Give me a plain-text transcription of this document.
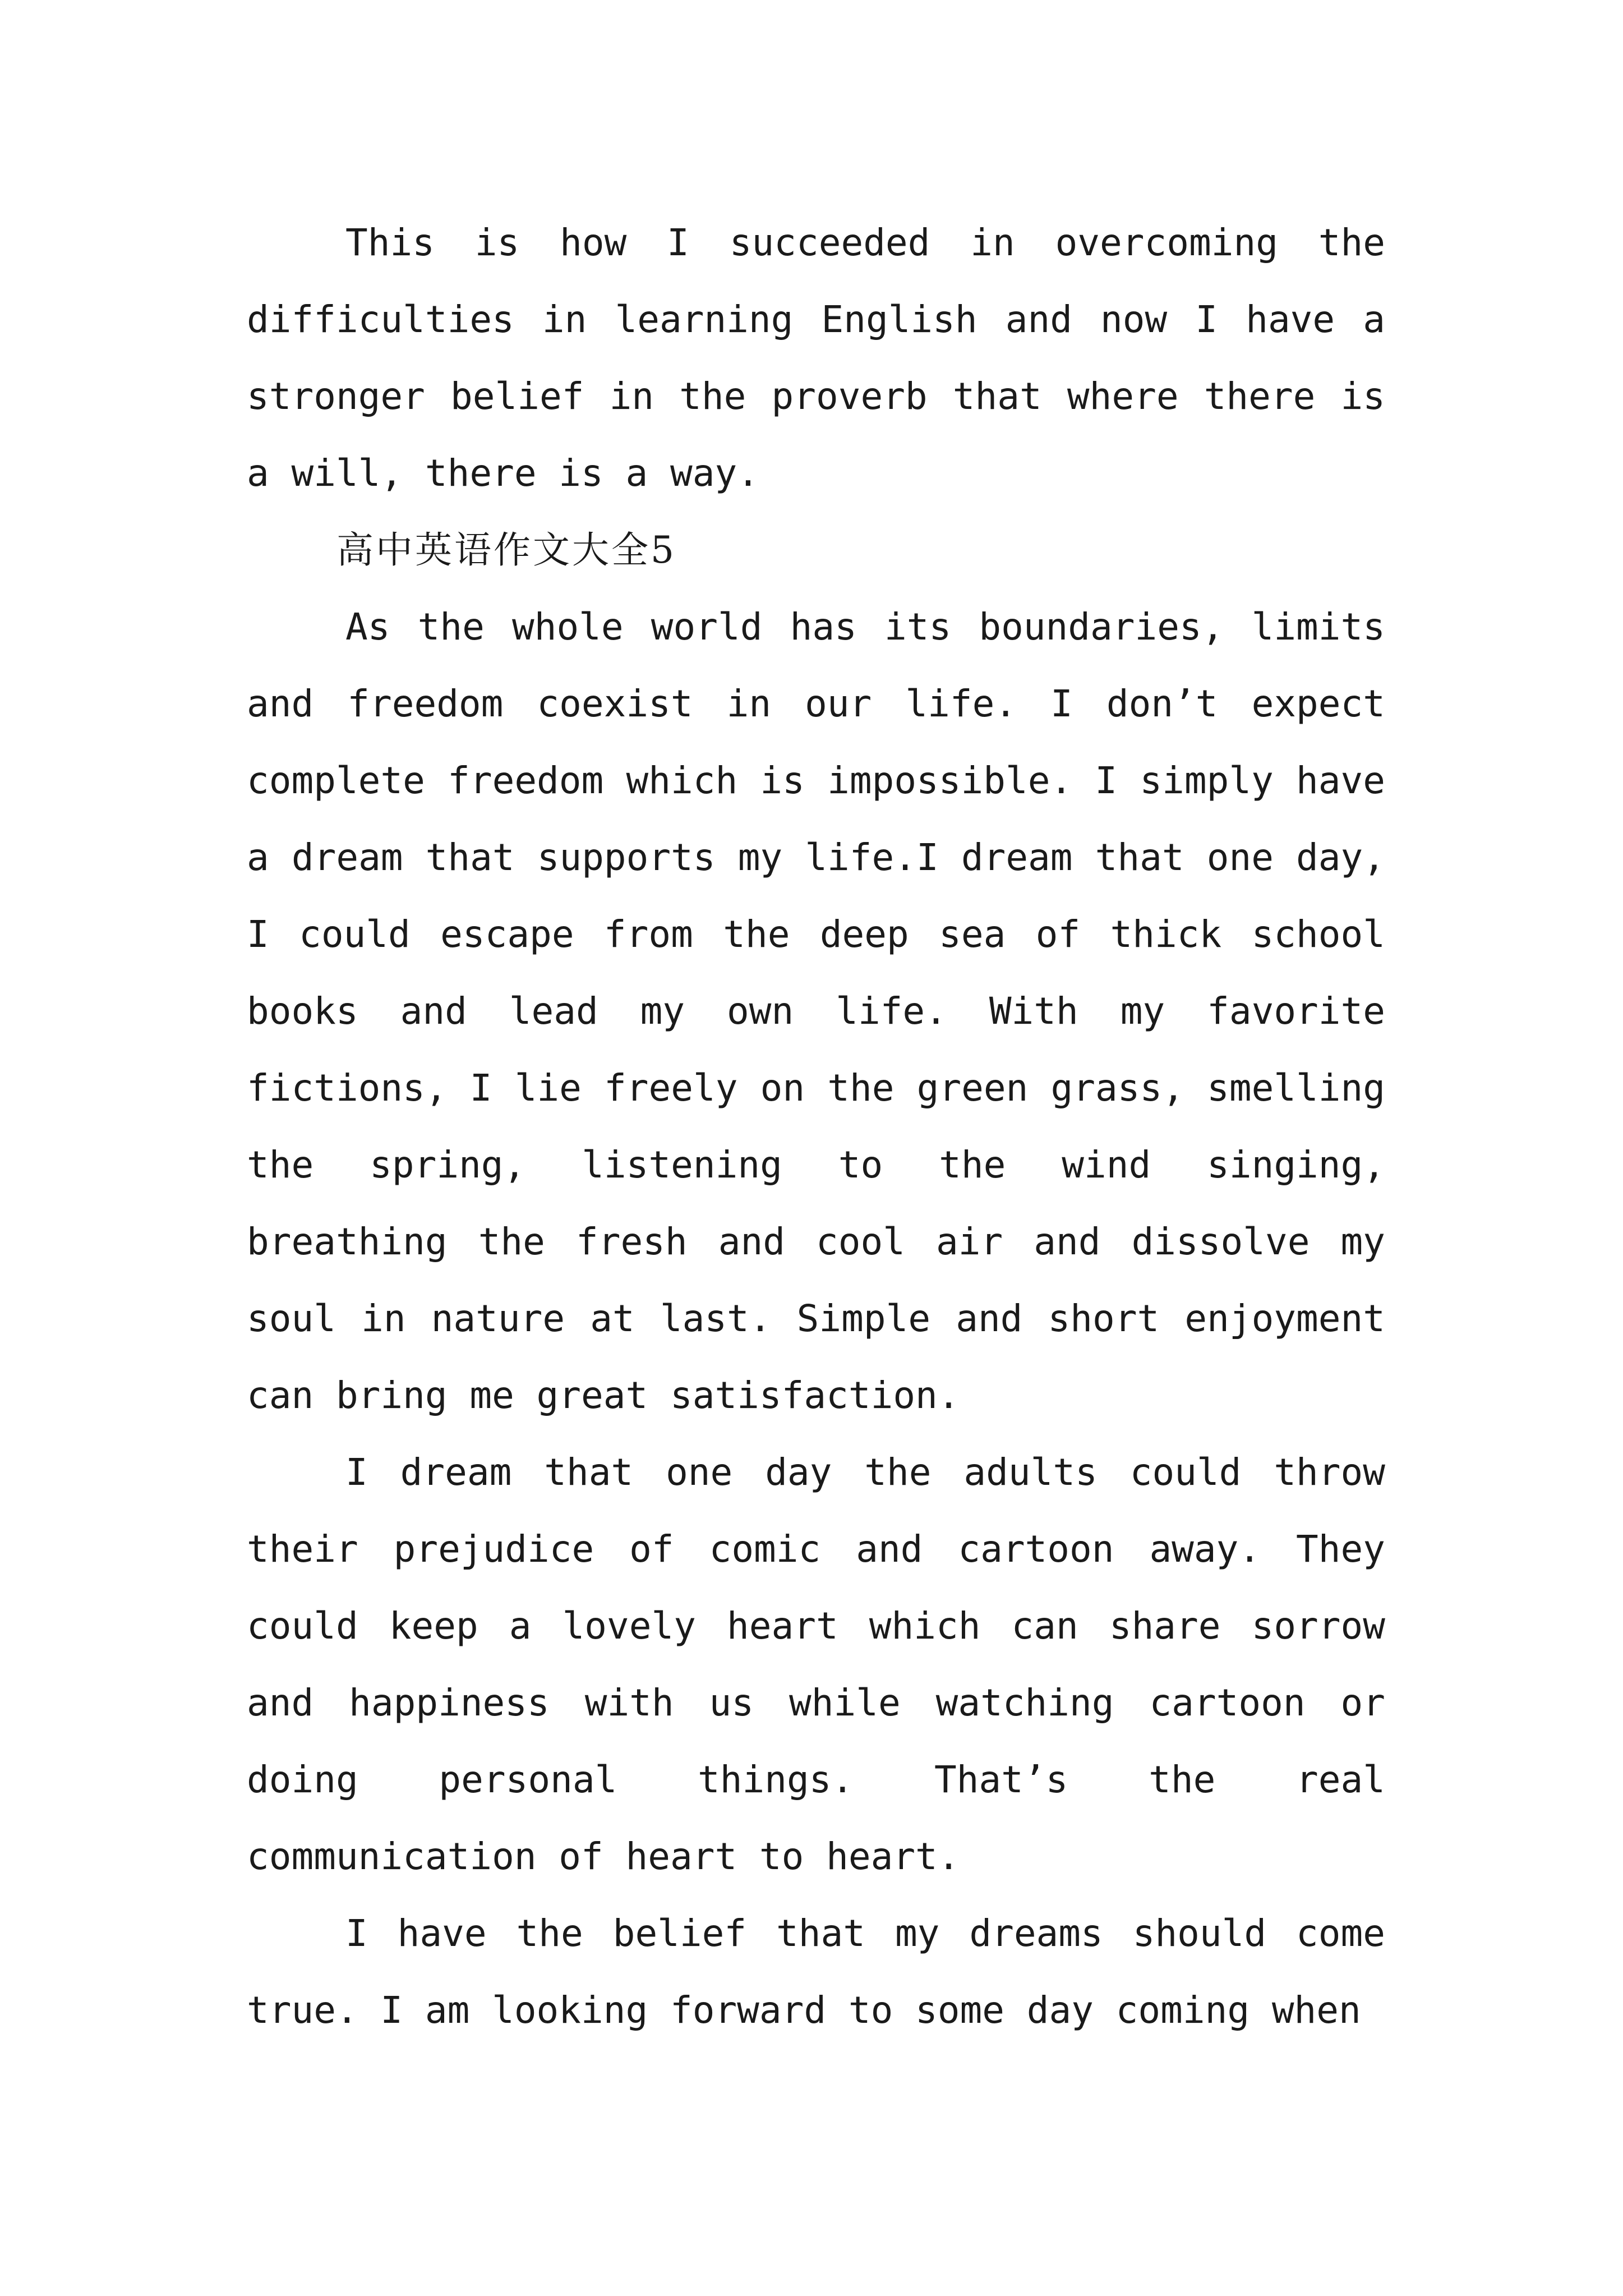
This is how I succeeded in overcoming the difficulties in learning English and now I have a stronger belief in the proverb that where there is a will, there is a way.

高中英语作文大全5

As the whole world has its boundaries, limits and freedom coexist in our life. I don’t expect complete freedom which is impossible. I simply have a dream that supports my life.I dream that one day, I could escape from the deep sea of thick school books and lead my own life. With my favorite fictions, I lie freely on the green grass, smelling the spring, listening to the wind singing, breathing the fresh and cool air and dissolve my soul in nature at last. Simple and short enjoyment can bring me great satisfaction.

I dream that one day the adults could throw their prejudice of comic and cartoon away. They could keep a lovely heart which can share sorrow and happiness with us while watching cartoon or doing personal things. That’s the real communication of heart to heart.

I have the belief that my dreams should come true. I am looking forward to some day coming when
